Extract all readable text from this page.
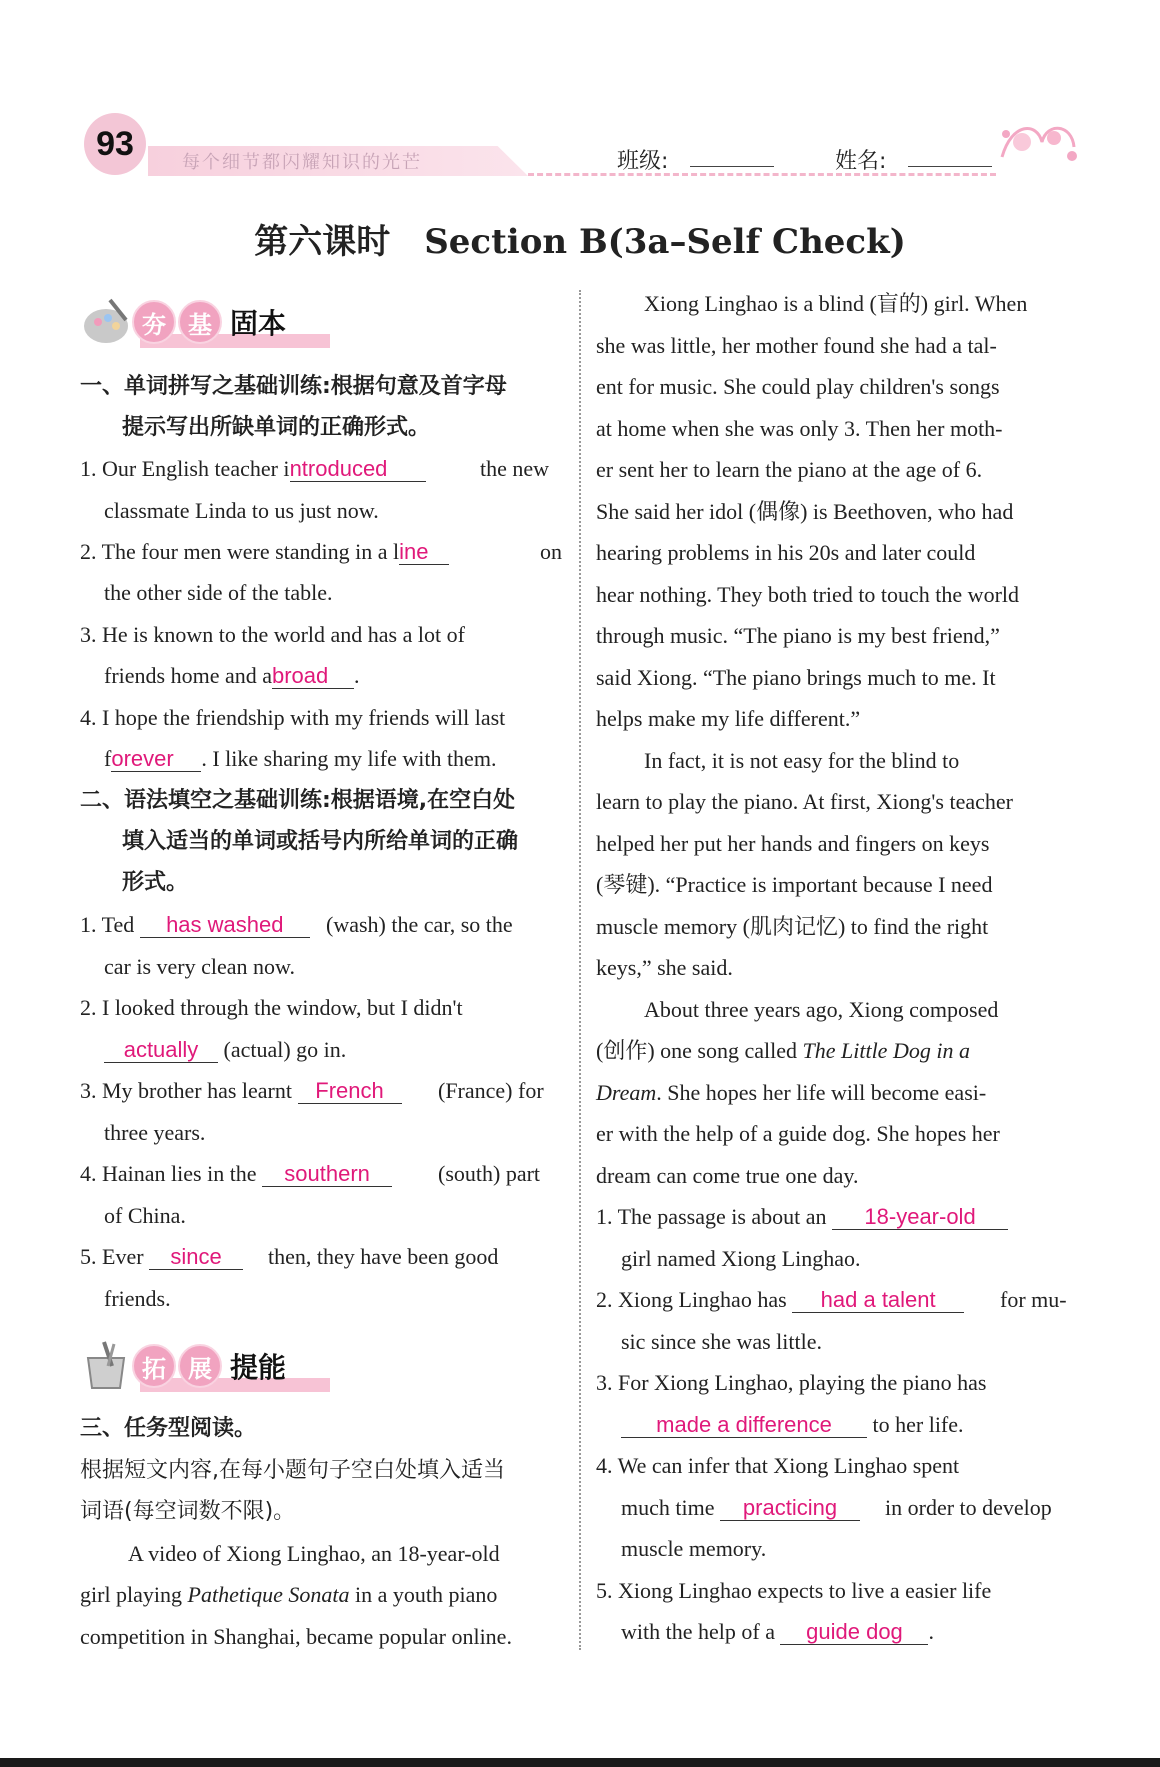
93	每个细节都闪耀知识的光芒	班级:	姓名:
第六课时　Section B(3a–Self Check)
夯 基 固本
一、单词拼写之基础训练:根据句意及首字母
提示写出所缺单词的正确形式。
1. Our English teacher introduced	the new
classmate Linda to us just now.
2. The four men were standing in a line	on
the other side of the table.
3. He is known to the world and has a lot of
friends home and abroad .
4. I hope the friendship with my friends will last
forever . I like sharing my life with them.
二、语法填空之基础训练:根据语境,在空白处
填入适当的单词或括号内所给单词的正确
形式。
1. Ted has washed	(wash) the car, so the
car is very clean now.
2. I looked through the window, but I didn't
actually (actual) go in.
3. My brother has learnt French	(France) for
three years.
4. Hainan lies in the southern	(south) part
of China.
5. Ever since	then, they have been good
friends.
拓 展 提能
三、任务型阅读。
根据短文内容,在每小题句子空白处填入适当
词语(每空词数不限)。
A video of Xiong Linghao, an 18-year-old
girl playing Pathetique Sonata in a youth piano
competition in Shanghai, became popular online.
Xiong Linghao is a blind (盲的) girl. When
she was little, her mother found she had a tal-
ent for music. She could play children's songs
at home when she was only 3. Then her moth-
er sent her to learn the piano at the age of 6.
She said her idol (偶像) is Beethoven, who had
hearing problems in his 20s and later could
hear nothing. They both tried to touch the world
through music. “The piano is my best friend,”
said Xiong. “The piano brings much to me. It
helps make my life different.”
In fact, it is not easy for the blind to
learn to play the piano. At first, Xiong's teacher
helped her put her hands and fingers on keys
(琴键). “Practice is important because I need
muscle memory (肌肉记忆) to find the right
keys,” she said.
About three years ago, Xiong composed
(创作) one song called The Little Dog in a
Dream. She hopes her life will become easi-
er with the help of a guide dog. She hopes her
dream can come true one day.
1. The passage is about an 18-year-old
girl named Xiong Linghao.
2. Xiong Linghao has had a talent	for mu-
sic since she was little.
3. For Xiong Linghao, playing the piano has
made a difference to her life.
4. We can infer that Xiong Linghao spent
much time practicing	in order to develop
muscle memory.
5. Xiong Linghao expects to live a easier life
with the help of a guide dog .
